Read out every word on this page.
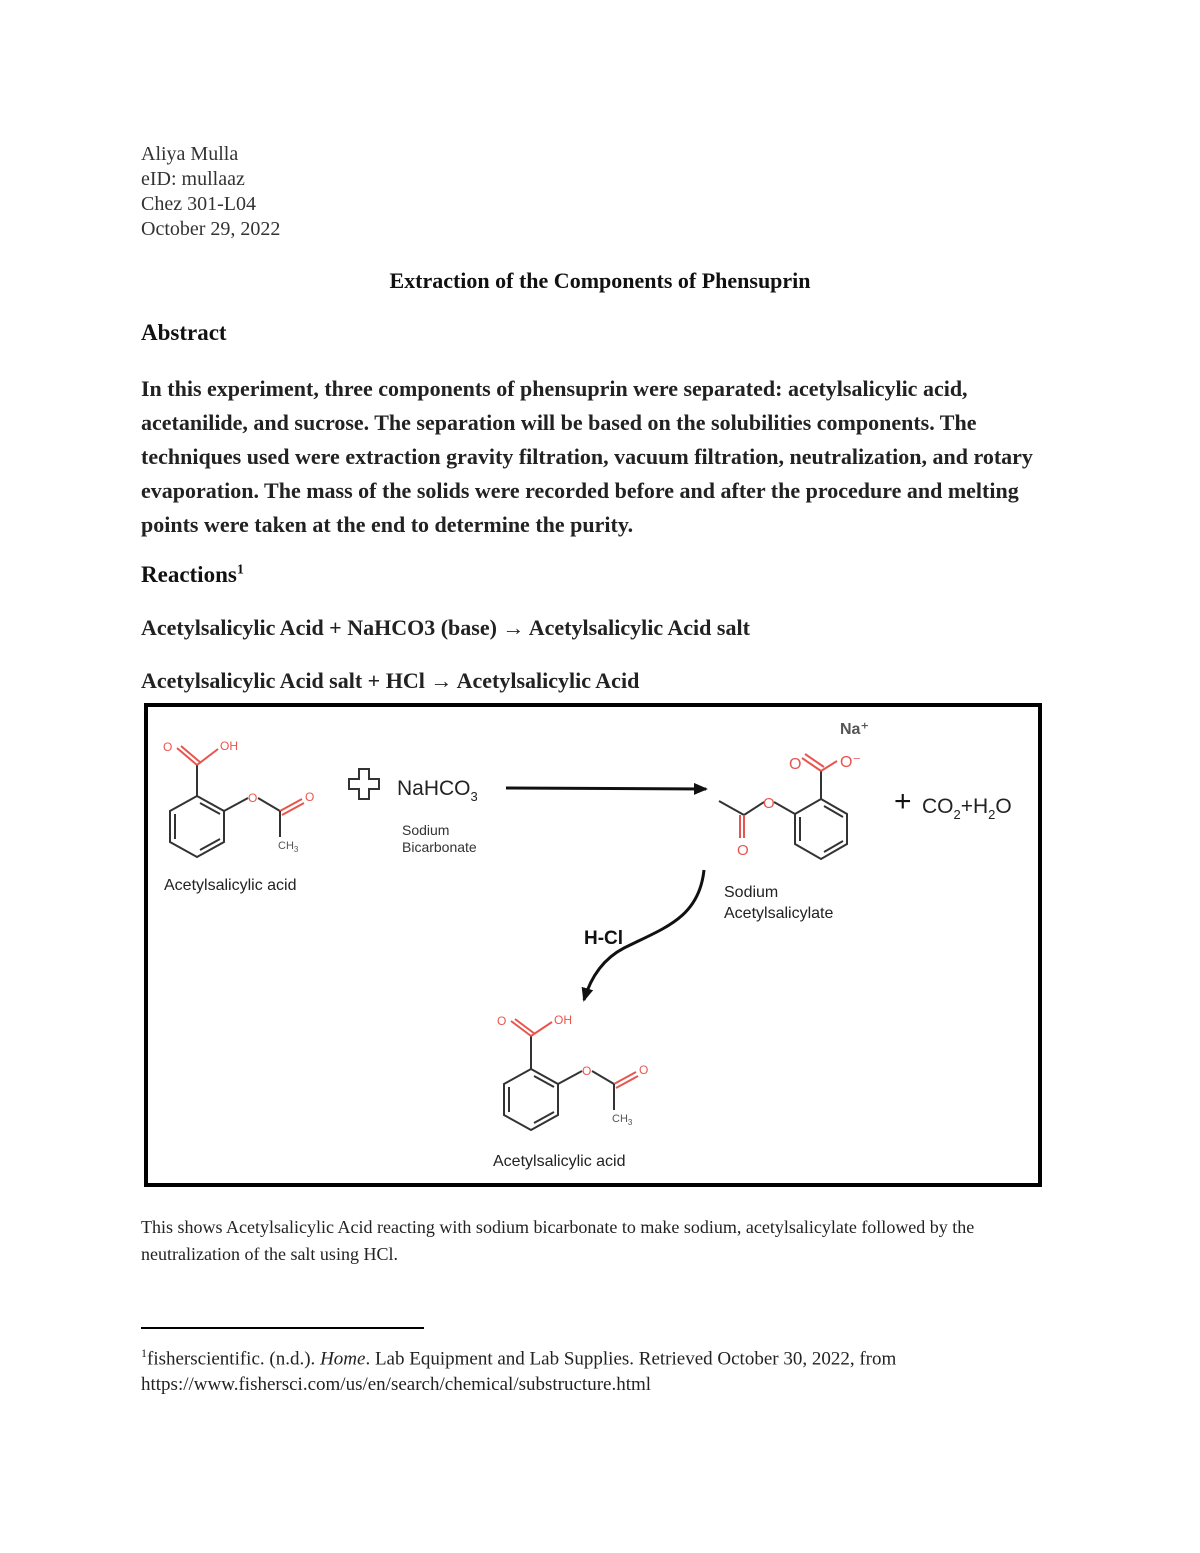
Aliya Mulla
eID: mullaaz
Chez 301-L04
October 29, 2022
Extraction of the Components of Phensuprin
Abstract
In this experiment, three components of phensuprin were separated: acetylsalicylic acid, acetanilide, and sucrose. The separation will be based on the solubilities components. The techniques used were extraction gravity filtration, vacuum filtration, neutralization, and rotary evaporation. The mass of the solids were recorded before and after the procedure and melting points were taken at the end to determine the purity.
Reactions$^1$
Acetylsalicylic Acid + NaHCO3 (base) → Acetylsalicylic Acid salt
Acetylsalicylic Acid salt + HCl → Acetylsalicylic Acid
O	OH
O	O
$CH_3$
Acetylsalicylic acid
NaHCO$_3$
Sodium
Bicarbonate
O O⁻
O
O
Na⁺
Sodium
Acetylsalicylate
+ $CO_2+H_2O$
H-Cl
O	OH
O	O
$CH_3$
Acetylsalicylic acid
This shows Acetylsalicylic Acid reacting with sodium bicarbonate to make sodium, acetylsalicylate followed by the neutralization of the salt using HCl.
$^1$fisherscientific. (n.d.). Home. Lab Equipment and Lab Supplies. Retrieved October 30, 2022, from https://www.fishersci.com/us/en/search/chemical/substructure.html
